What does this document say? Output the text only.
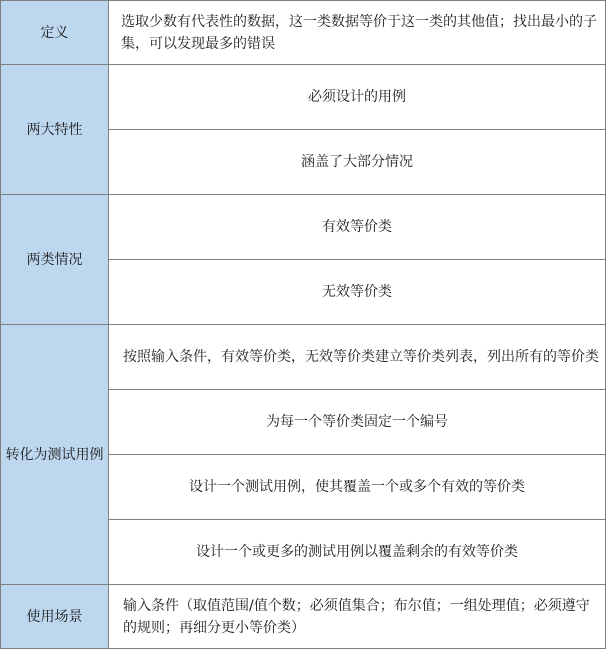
定义	选取少数有代表性的数据，这一类数据等价于这一类的其他值；找出最小的子集，可以发现最多的错误
两大特性	必须设计的用例
	涵盖了大部分情况
两类情况	有效等价类
	无效等价类
转化为测试用例	按照输入条件，有效等价类，无效等价类建立等价类列表，列出所有的等价类
	为每一个等价类固定一个编号
	设计一个测试用例，使其覆盖一个或多个有效的等价类
	设计一个或更多的测试用例以覆盖剩余的有效等价类
使用场景	输入条件（取值范围/值个数；必须值集合；布尔值；一组处理值；必须遵守的规则；再细分更小等价类）
